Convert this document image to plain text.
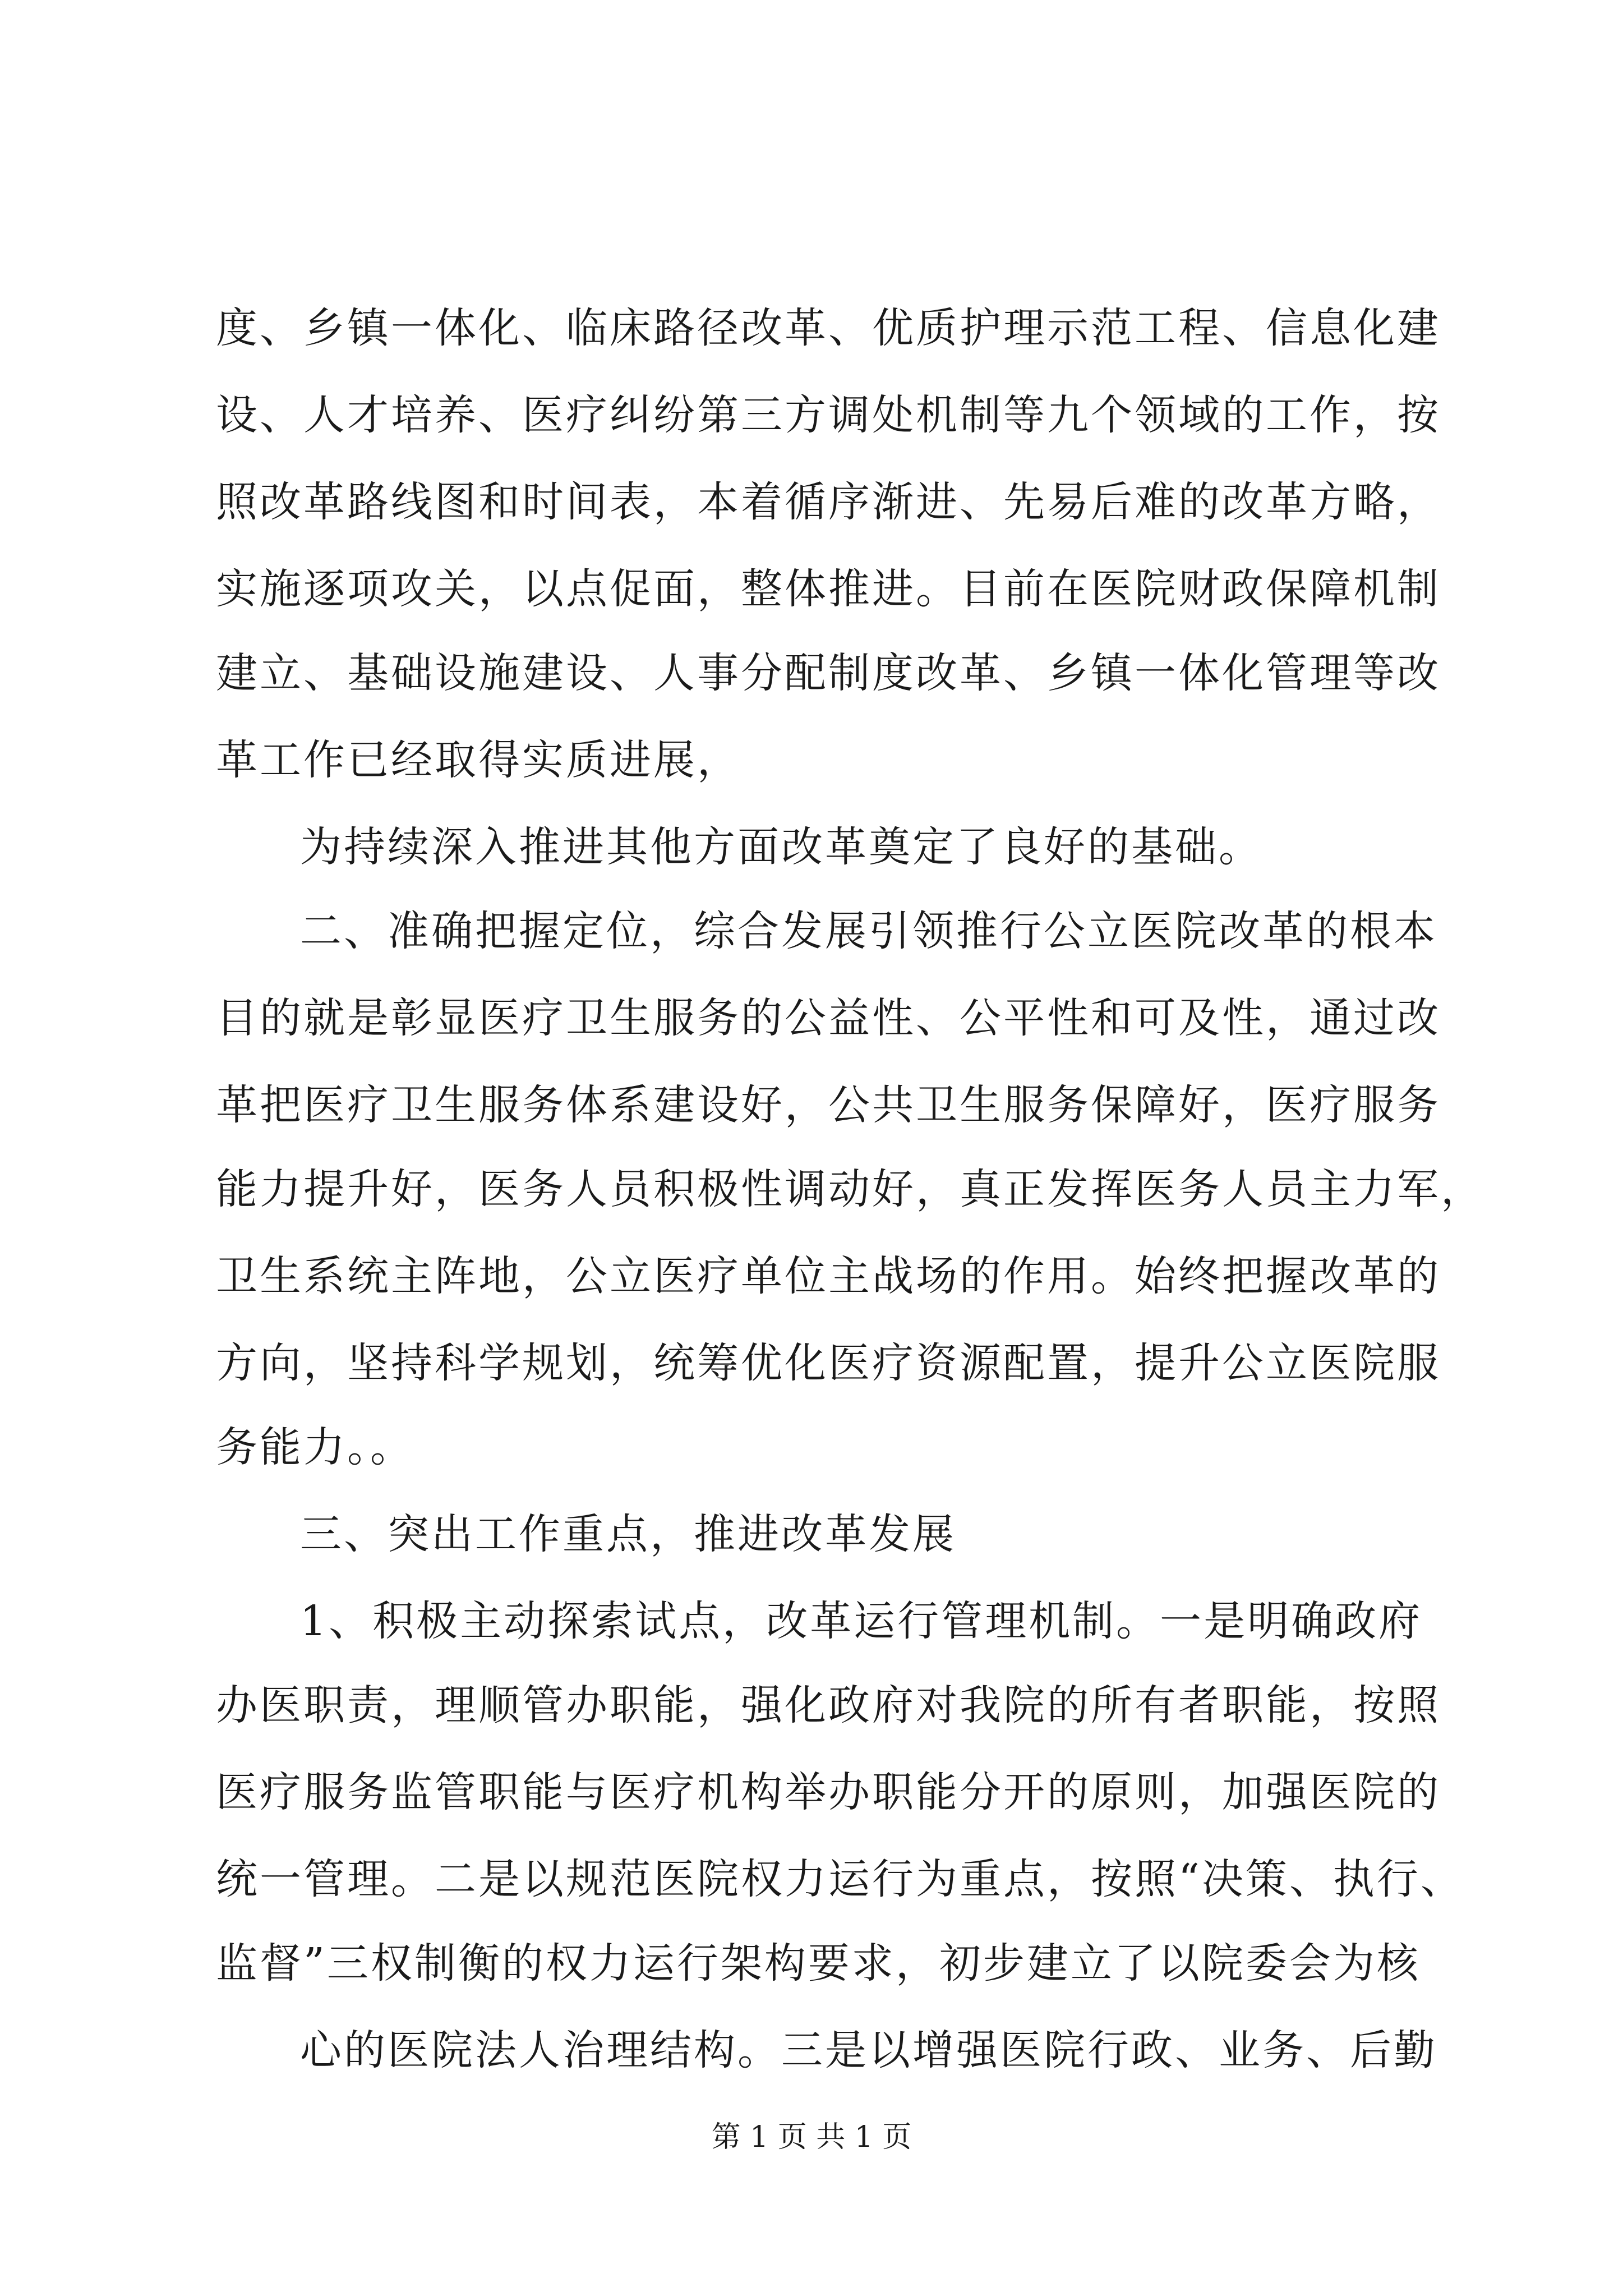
度、乡镇一体化、临床路径改革、优质护理示范工程、信息化建
设、人才培养、医疗纠纷第三方调处机制等九个领域的工作，按
照改革路线图和时间表，本着循序渐进、先易后难的改革方略，
实施逐项攻关，以点促面，整体推进。目前在医院财政保障机制
建立、基础设施建设、人事分配制度改革、乡镇一体化管理等改
革工作已经取得实质进展，
为持续深入推进其他方面改革奠定了良好的基础。
二、准确把握定位，综合发展引领推行公立医院改革的根本
目的就是彰显医疗卫生服务的公益性、公平性和可及性，通过改
革把医疗卫生服务体系建设好，公共卫生服务保障好，医疗服务
能力提升好，医务人员积极性调动好，真正发挥医务人员主力军，
卫生系统主阵地，公立医疗单位主战场的作用。始终把握改革的
方向，坚持科学规划，统筹优化医疗资源配置，提升公立医院服
务能力。。
三、突出工作重点，推进改革发展
1、积极主动探索试点，改革运行管理机制。一是明确政府
办医职责，理顺管办职能，强化政府对我院的所有者职能，按照
医疗服务监管职能与医疗机构举办职能分开的原则，加强医院的
统一管理。二是以规范医院权力运行为重点，按照“决策、执行、
监督”三权制衡的权力运行架构要求，初步建立了以院委会为核
心的医院法人治理结构。三是以增强医院行政、业务、后勤
第 1 页 共 1 页
